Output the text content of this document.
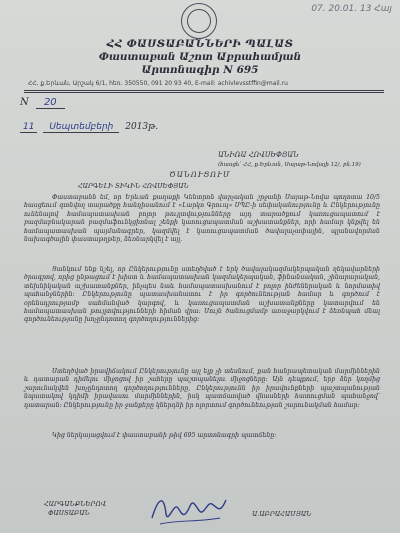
07. 20.01. 13 Հայ
ՀՀ ՓԱՍՏԱԲԱՆՆԵՐԻ ՊԱԼԱՏ
Փաստաբան Աշոտ Աբրահամյան
Արտոնագիր N 695
ՀՀ, ք.Երևան, Արշակ 6/1, հեռ. 350550, 091 20 93 40, E-mail: achivlevsstffin@mail.ru
N 20
11 Սեպտեմբերի 2013թ.
ԱՆԻՌԱ ՀՈՎՍԵՓՅԱՆ
(հասցե՝ ՀՀ, ք.Երևան, Սայաթ-Նովայի 12/, բն.19)
ԾԱՆՈՒՑՈՒՄ
ՀԱՐԳԵԼԻ ՏԻԿԻՆ ՀՈՎՍԵՓՅԱՆ

Փաստաբանն եմ, որ Երևան քաղաքի Կենտրոն վարչական շրջանի Սայաթ-Նովա պողոտա 10/5 հասցեում գտնվող տարածքը հանդիսանում է «Լարկո Գրուպ» ՍՊԸ-ի սեփականությունը և Ընկերությունը ունենալով համապատասխան բոլոր թույլտվությունները այդ տարածքում կառուցապատում է բազմաբնակարան բազմաֆունկցիոնալ շենքի կառուցապատման աշխատանքներ, որի համար կնքվել են համապատասխան պայմանագրեր, կազմվել է կառուցապատման ծավալաչափային, պլանավորման նախագծային փաստաթղթեր, ձեռնարկվել է այլ.

Ցանկում ենք նշել, որ Ընկերությունը ստեղծված է երկ ծավալակազմակերպական ղեկավարների ծրագրով, որից ընթացում է խիստ և համապատասխան կազմակերպական, ֆինանսական, շինարարական, տեխնիկական աշխատանքներ, ինչպես նաև համապատասխանում է բոլոր ինժեներական և նորմատիվ պահանջներին: Ընկերությունը պատասխանատու է իր գործունեության համար և գործում է օրենսդրությամբ սահմանված կարգով, և կառուցապատման աշխատանքները կատարվում են համապատասխան թույլտվությունների հիման վրա: Սույն ծանուցմամբ առաջարկվում է ձեռնպահ մնալ գործունեությանը խոչընդոտող գործողություններից:

Ստեղծված իրավիճակում Ընկերությունը այլ ելք չի տեսնում, քան հանրապետական մարմիններին և դատարան դիմելու միջոցով իր շահերը պաշտպանելու միջոցները: Այն դեպքում, երբ ձեր կողմից շարունակվեն խոչընդոտող գործողությունները, Ընկերությունն իր իրավունքների պաշտպանության նպատակով կդիմի իրավասու մարմիններին, իսկ պատճառված վնասների հատուցման պահանջով՝ դատարան: Ընկերությունը իր ջանքերը կներդնի իր ոլորտում գործունեության շարունակման համար:

Կից ներկայացվում է փաստաբանի թիվ 695 արտոնագրի պատճենը:

ՀԱՐԳԱՆՔՆԵՐՈՎ
ՓԱՍՏԱԲԱՆ	Ա.ԱԲՐԱՀԱՄՅԱՆ
